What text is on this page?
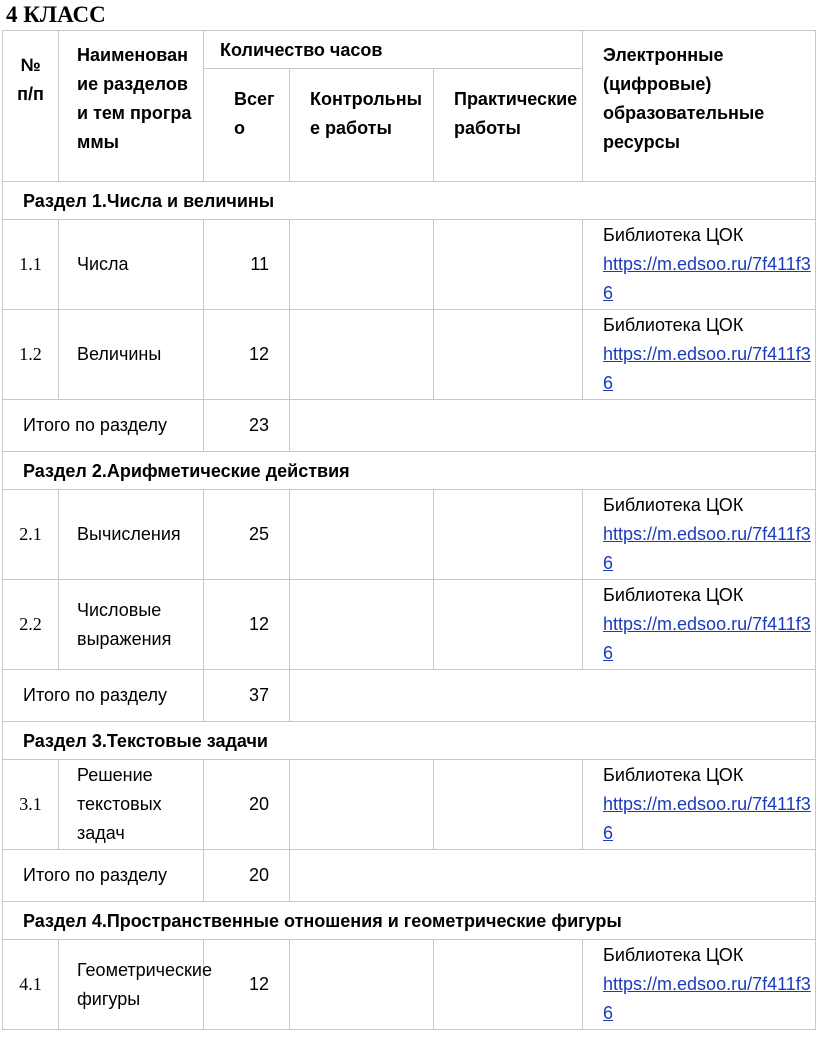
4 КЛАСС
№ п/п	Наименование разделов и тем программы	Количество часов			Электронные (цифровые) образовательные ресурсы

		Всего	Контрольные работы	Практические работы	

Раздел 1.Числа и величины					
1.1	Числа	11			Библиотека ЦОК
https://m.edsoo.ru/7f411f36

1.2	Величины	12			Библиотека ЦОК
https://m.edsoo.ru/7f411f36

Итого по разделу		23			
Раздел 2.Арифметические действия					
2.1	Вычисления	25			Библиотека ЦОК
https://m.edsoo.ru/7f411f36

2.2	Числовые выражения	12			Библиотека ЦОК
https://m.edsoo.ru/7f411f36

Итого по разделу		37			
Раздел 3.Текстовые задачи					
3.1	Решение текстовых задач	20			Библиотека ЦОК
https://m.edsoo.ru/7f411f36

Итого по разделу		20			
Раздел 4.Пространственные отношения и геометрические фигуры					
4.1	Геометрические фигуры	12			Библиотека ЦОК
https://m.edsoo.ru/7f411f36
